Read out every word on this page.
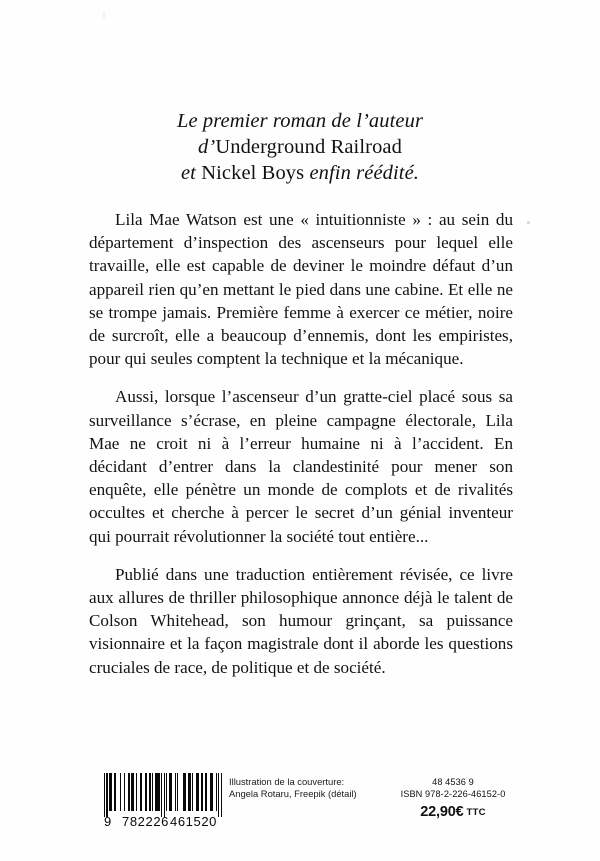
Le premier roman de l’auteur
d’Underground Railroad
et Nickel Boys enfin réédité.

Lila Mae Watson est une « intuitionniste » : au sein du département d’inspection des ascenseurs pour lequel elle travaille, elle est capable de deviner le moindre défaut d’un appareil rien qu’en mettant le pied dans une cabine. Et elle ne se trompe jamais. Première femme à exercer ce métier, noire de surcroît, elle a beaucoup d’ennemis, dont les empiristes, pour qui seules comptent la technique et la mécanique.

Aussi, lorsque l’ascenseur d’un gratte-ciel placé sous sa surveillance s’écrase, en pleine campagne électorale, Lila Mae ne croit ni à l’erreur humaine ni à l’accident. En décidant d’entrer dans la clandestinité pour mener son enquête, elle pénètre un monde de complots et de rivalités occultes et cherche à percer le secret d’un génial inventeur qui pourrait révolutionner la société tout entière...

Publié dans une traduction entièrement révisée, ce livre aux allures de thriller philosophique annonce déjà le talent de Colson Whitehead, son humour grinçant, sa puissance visionnaire et la façon magistrale dont il aborde les questions cruciales de race, de politique et de société.

9 782226 461520
Illustration de la couverture:
Angela Rotaru, Freepik (détail)
48 4536 9
ISBN 978-2-226-46152-0
22,90€ TTC
